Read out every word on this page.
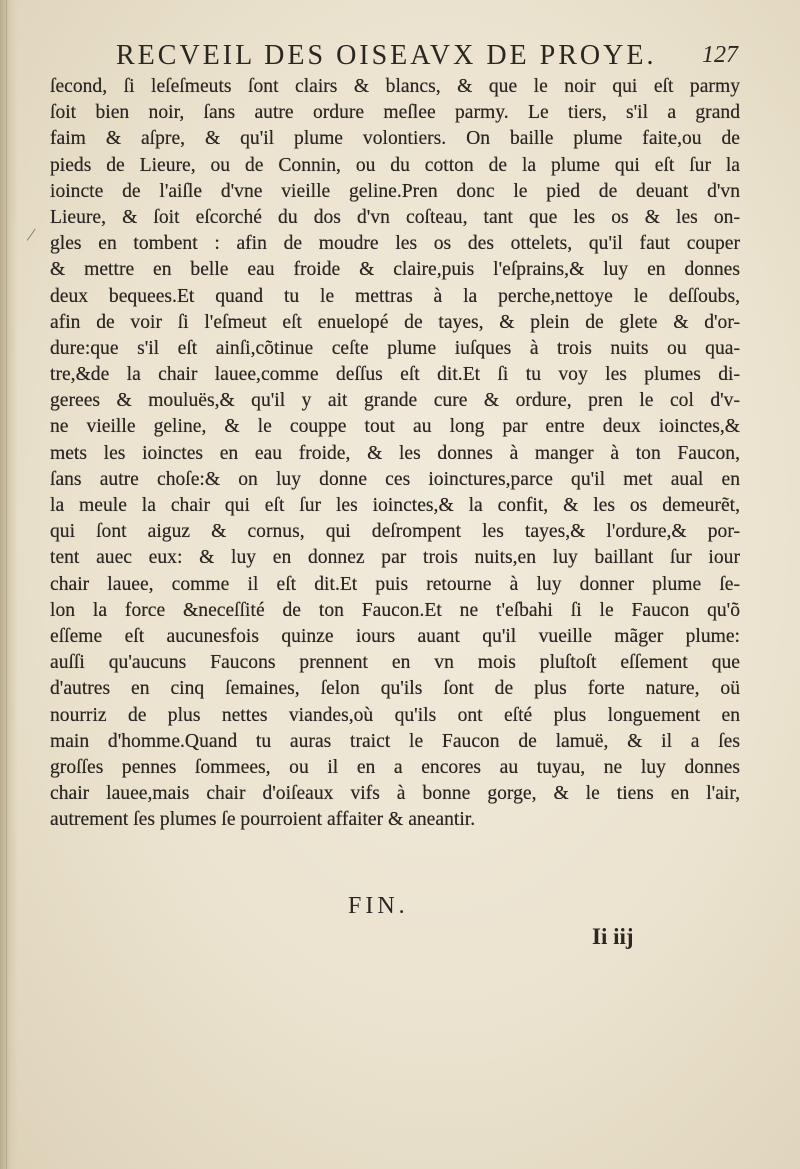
RECVEIL DES OISEAVX DE PROYE. 127
ſecond, ſi leſeſmeuts ſont clairs & blancs, & que le noir qui eſt parmy
ſoit bien noir, ſans autre ordure meſlee parmy. Le tiers, s'il a grand
faim & aſpre, & qu'il plume volontiers. On baille plume faite,ou de
pieds de Lieure, ou de Connin, ou du cotton de la plume qui eſt ſur la
ioincte de l'aiſle d'vne vieille geline.Pren donc le pied de deuant d'vn
Lieure, & ſoit eſcorché du dos d'vn coſteau, tant que les os & les on-
gles en tombent : afin de moudre les os des ottelets, qu'il faut couper
& mettre en belle eau froide & claire,puis l'eſprains,& luy en donnes
deux bequees.Et quand tu le mettras à la perche,nettoye le deſſoubs,
afin de voir ſi l'eſmeut eſt enuelopé de tayes, & plein de glete & d'or-
dure:que s'il eſt ainſi,cõtinue ceſte plume iuſques à trois nuits ou qua-
tre,&de la chair lauee,comme deſſus eſt dit.Et ſi tu voy les plumes di-
gerees & mouluës,& qu'il y ait grande cure & ordure, pren le col d'v-
ne vieille geline, & le couppe tout au long par entre deux ioinctes,&
mets les ioinctes en eau froide, & les donnes à manger à ton Faucon,
ſans autre choſe:& on luy donne ces ioinctures,parce qu'il met aual en
la meule la chair qui eſt ſur les ioinctes,& la confit, & les os demeurẽt,
qui ſont aiguz & cornus, qui deſrompent les tayes,& l'ordure,& por-
tent auec eux: & luy en donnez par trois nuits,en luy baillant ſur iour
chair lauee, comme il eſt dit.Et puis retourne à luy donner plume ſe-
lon la force &neceſſité de ton Faucon.Et ne t'eſbahi ſi le Faucon qu'õ
eſſeme eſt aucunesfois quinze iours auant qu'il vueille mãger plume:
auſſi qu'aucuns Faucons prennent en vn mois pluſtoſt eſſement que
d'autres en cinq ſemaines, ſelon qu'ils ſont de plus forte nature, oü
nourriz de plus nettes viandes,où qu'ils ont eſté plus longuement en
main d'homme.Quand tu auras traict le Faucon de lamuë, & il a ſes
groſſes pennes ſommees, ou il en a encores au tuyau, ne luy donnes
chair lauee,mais chair d'oiſeaux vifs à bonne gorge, & le tiens en l'air,
autrement ſes plumes ſe pourroient affaiter & aneantir.
FIN.
Ii iij
